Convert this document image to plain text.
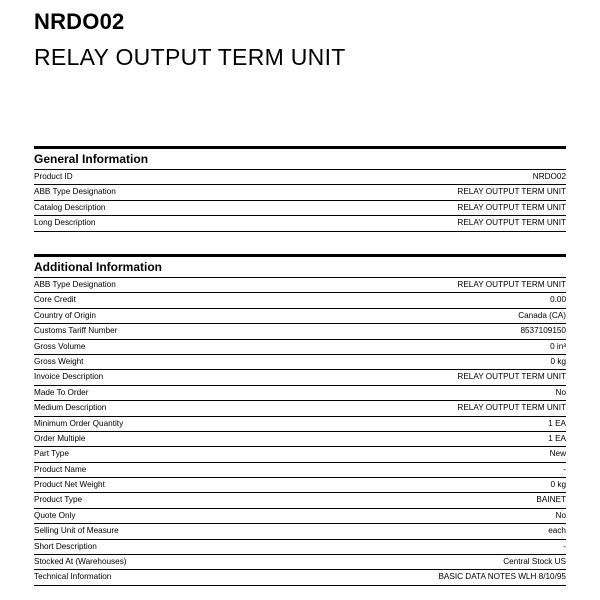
NRDO02
RELAY OUTPUT TERM UNIT
General Information
Product ID	NRDO02
ABB Type Designation	RELAY OUTPUT TERM UNIT
Catalog Description	RELAY OUTPUT TERM UNIT
Long Description	RELAY OUTPUT TERM UNIT
Additional Information
ABB Type Designation	RELAY OUTPUT TERM UNIT
Core Credit	0.00
Country of Origin	Canada (CA)
Customs Tariff Number	8537109150
Gross Volume	0 in³
Gross Weight	0 kg
Invoice Description	RELAY OUTPUT TERM UNIT
Made To Order	No
Medium Description	RELAY OUTPUT TERM UNIT
Minimum Order Quantity	1 EA
Order Multiple	1 EA
Part Type	New
Product Name	-
Product Net Weight	0 kg
Product Type	BAINET
Quote Only	No
Selling Unit of Measure	each
Short Description	-
Stocked At (Warehouses)	Central Stock US
Technical Information	BASIC DATA NOTES WLH 8/10/95
